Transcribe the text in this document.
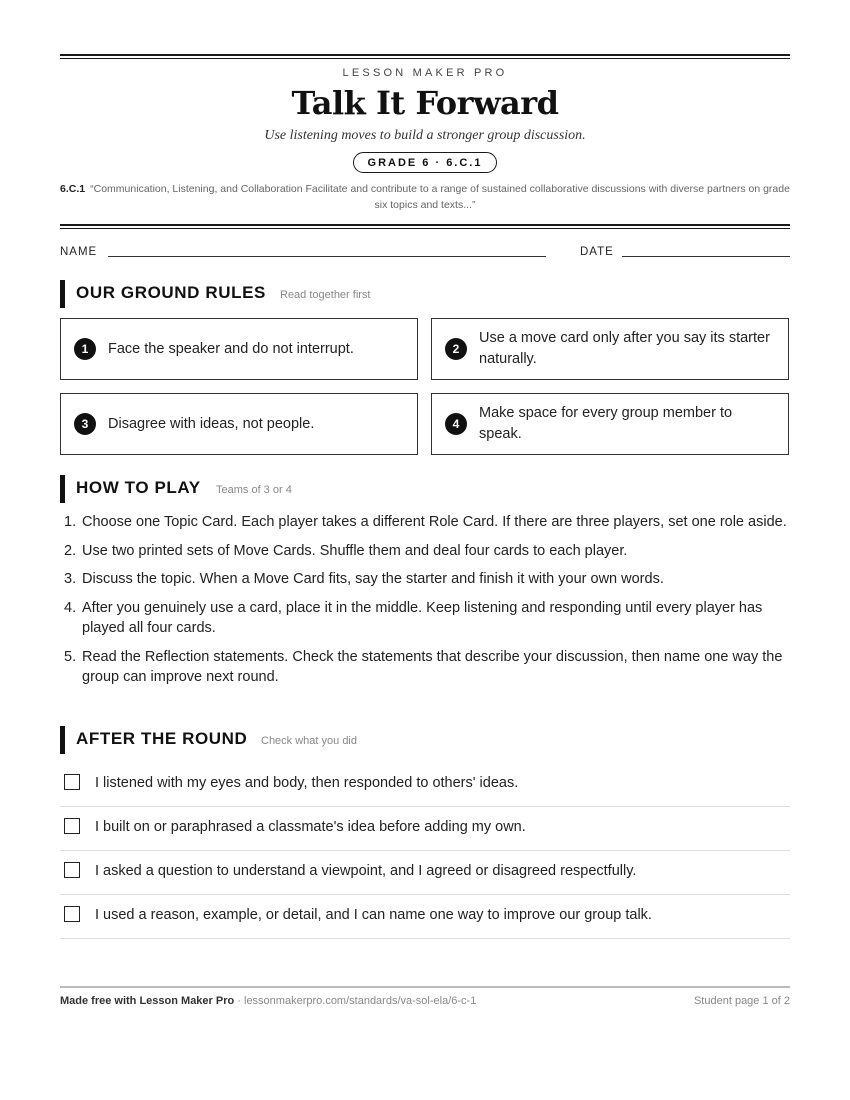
LESSON MAKER PRO
Talk It Forward
Use listening moves to build a stronger group discussion.
GRADE 6 · 6.C.1
6.C.1 “Communication, Listening, and Collaboration Facilitate and contribute to a range of sustained collaborative discussions with diverse partners on grade six topics and texts...”
NAME	DATE
OUR GROUND RULES Read together first
1	Face the speaker and do not interrupt.	2
Use a move card only after you say its starter naturally.
3	Disagree with ideas, not people.	4
Make space for every group member to speak.
HOW TO PLAY Teams of 3 or 4
1. Choose one Topic Card. Each player takes a different Role Card. If there are three players, set one role aside.
2. Use two printed sets of Move Cards. Shuffle them and deal four cards to each player.
3. Discuss the topic. When a Move Card fits, say the starter and finish it with your own words.
4. After you genuinely use a card, place it in the middle. Keep listening and responding until every player has played all four cards.
5. Read the Reflection statements. Check the statements that describe your discussion, then name one way the group can improve next round.
AFTER THE ROUND Check what you did
I listened with my eyes and body, then responded to others' ideas.
I built on or paraphrased a classmate's idea before adding my own.
I asked a question to understand a viewpoint, and I agreed or disagreed respectfully.
I used a reason, example, or detail, and I can name one way to improve our group talk.
Made free with Lesson Maker Pro · lessonmakerpro.com/standards/va-sol-ela/6-c-1	Student page 1 of 2
